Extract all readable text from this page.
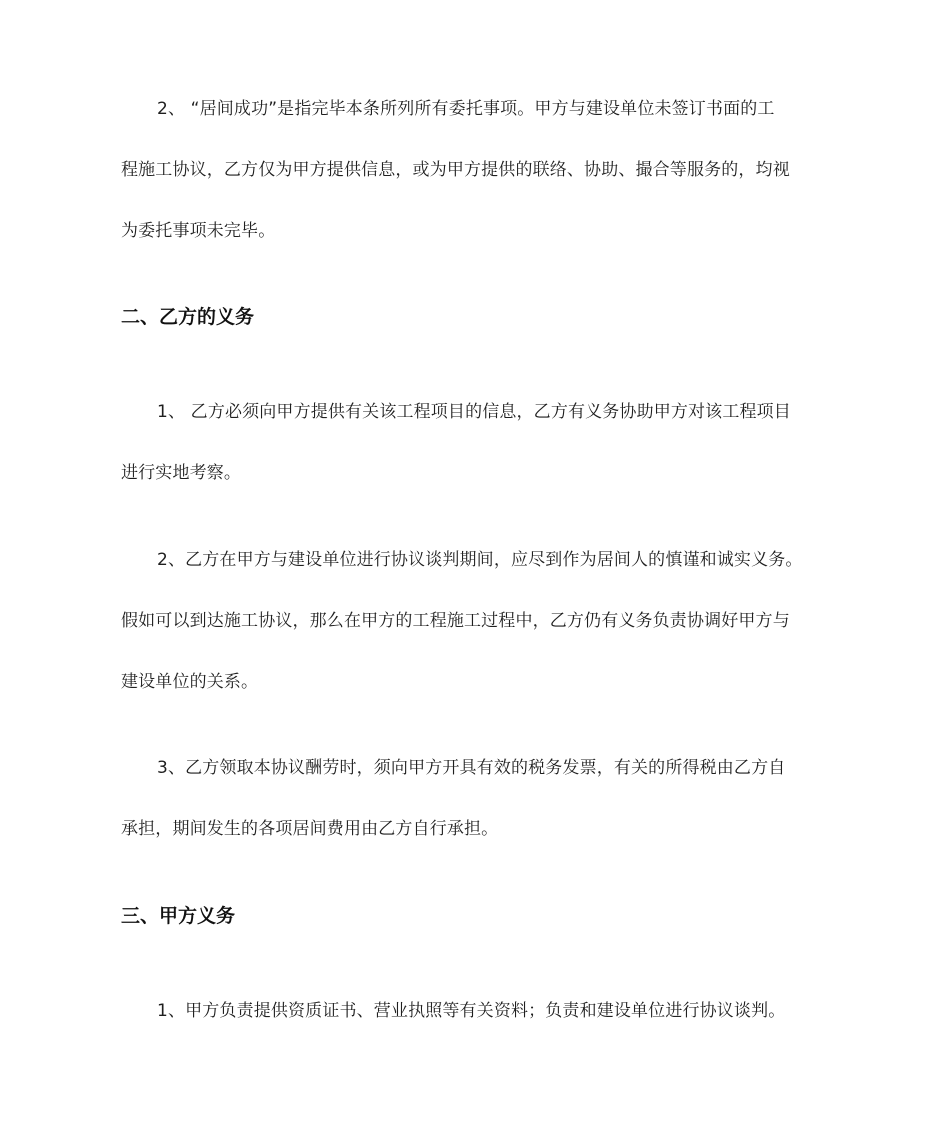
2、 “居间成功”是指完毕本条所列所有委托事项。甲方与建设单位未签订书面的工
程施工协议，乙方仅为甲方提供信息，或为甲方提供的联络、协助、撮合等服务的，均视
为委托事项未完毕。
二、乙方的义务
1、 乙方必须向甲方提供有关该工程项目的信息，乙方有义务协助甲方对该工程项目
进行实地考察。
2、乙方在甲方与建设单位进行协议谈判期间，应尽到作为居间人的慎谨和诚实义务。
假如可以到达施工协议，那么在甲方的工程施工过程中，乙方仍有义务负责协调好甲方与
建设单位的关系。
3、乙方领取本协议酬劳时，须向甲方开具有效的税务发票，有关的所得税由乙方自
承担，期间发生的各项居间费用由乙方自行承担。
三、甲方义务
1、甲方负责提供资质证书、营业执照等有关资料；负责和建设单位进行协议谈判。
